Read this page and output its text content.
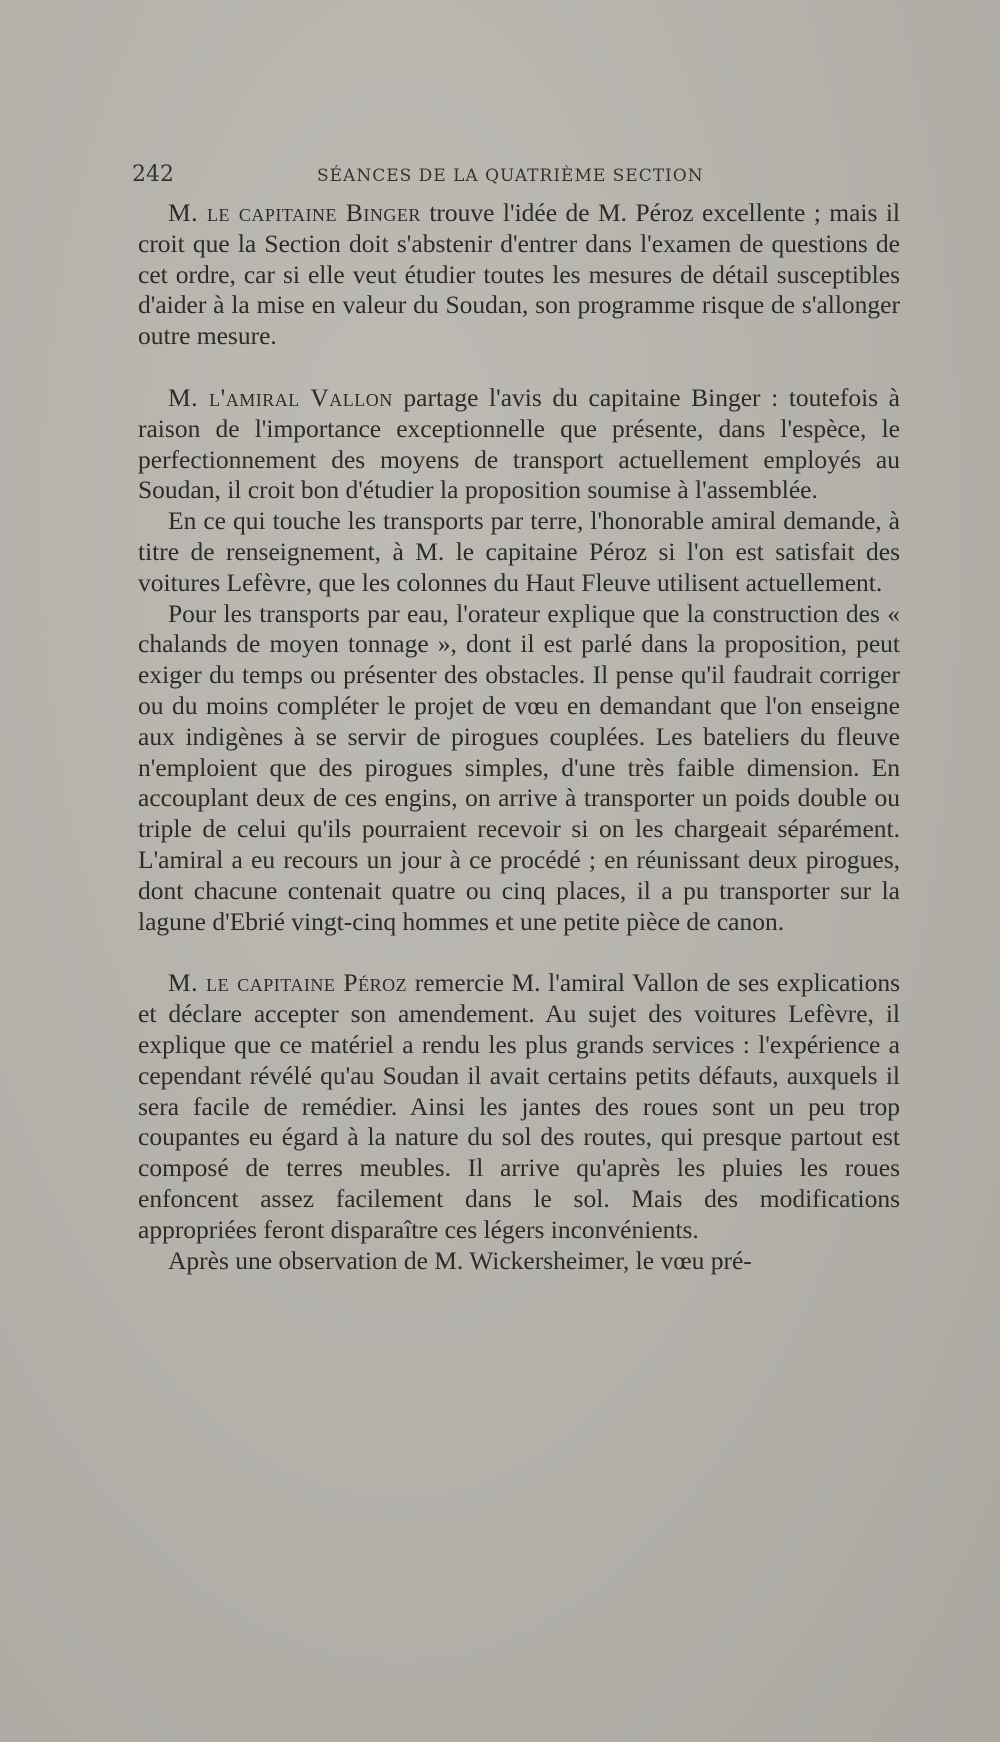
242	SÉANCES DE LA QUATRIÈME SECTION

M. le capitaine Binger trouve l'idée de M. Péroz excellente ; mais il croit que la Section doit s'abstenir d'entrer dans l'examen de questions de cet ordre, car si elle veut étudier toutes les mesures de détail susceptibles d'aider à la mise en valeur du Soudan, son programme risque de s'allonger outre mesure.

M. l'amiral Vallon partage l'avis du capitaine Binger : toutefois à raison de l'importance exceptionnelle que présente, dans l'espèce, le perfectionnement des moyens de transport actuellement employés au Soudan, il croit bon d'étudier la proposition soumise à l'assemblée.

En ce qui touche les transports par terre, l'honorable amiral demande, à titre de renseignement, à M. le capitaine Péroz si l'on est satisfait des voitures Lefèvre, que les colonnes du Haut Fleuve utilisent actuellement.

Pour les transports par eau, l'orateur explique que la construction des « chalands de moyen tonnage », dont il est parlé dans la proposition, peut exiger du temps ou présenter des obstacles. Il pense qu'il faudrait corriger ou du moins compléter le projet de vœu en demandant que l'on enseigne aux indigènes à se servir de pirogues couplées. Les bateliers du fleuve n'emploient que des pirogues simples, d'une très faible dimension. En accouplant deux de ces engins, on arrive à transporter un poids double ou triple de celui qu'ils pourraient recevoir si on les chargeait séparément. L'amiral a eu recours un jour à ce procédé ; en réunissant deux pirogues, dont chacune contenait quatre ou cinq places, il a pu transporter sur la lagune d'Ebrié vingt-cinq hommes et une petite pièce de canon.

M. le capitaine Péroz remercie M. l'amiral Vallon de ses explications et déclare accepter son amendement. Au sujet des voitures Lefèvre, il explique que ce matériel a rendu les plus grands services : l'expérience a cependant révélé qu'au Soudan il avait certains petits défauts, auxquels il sera facile de remédier. Ainsi les jantes des roues sont un peu trop coupantes eu égard à la nature du sol des routes, qui presque partout est composé de terres meubles. Il arrive qu'après les pluies les roues enfoncent assez facilement dans le sol. Mais des modifications appropriées feront disparaître ces légers inconvénients.

Après une observation de M. Wickersheimer, le vœu pré-
